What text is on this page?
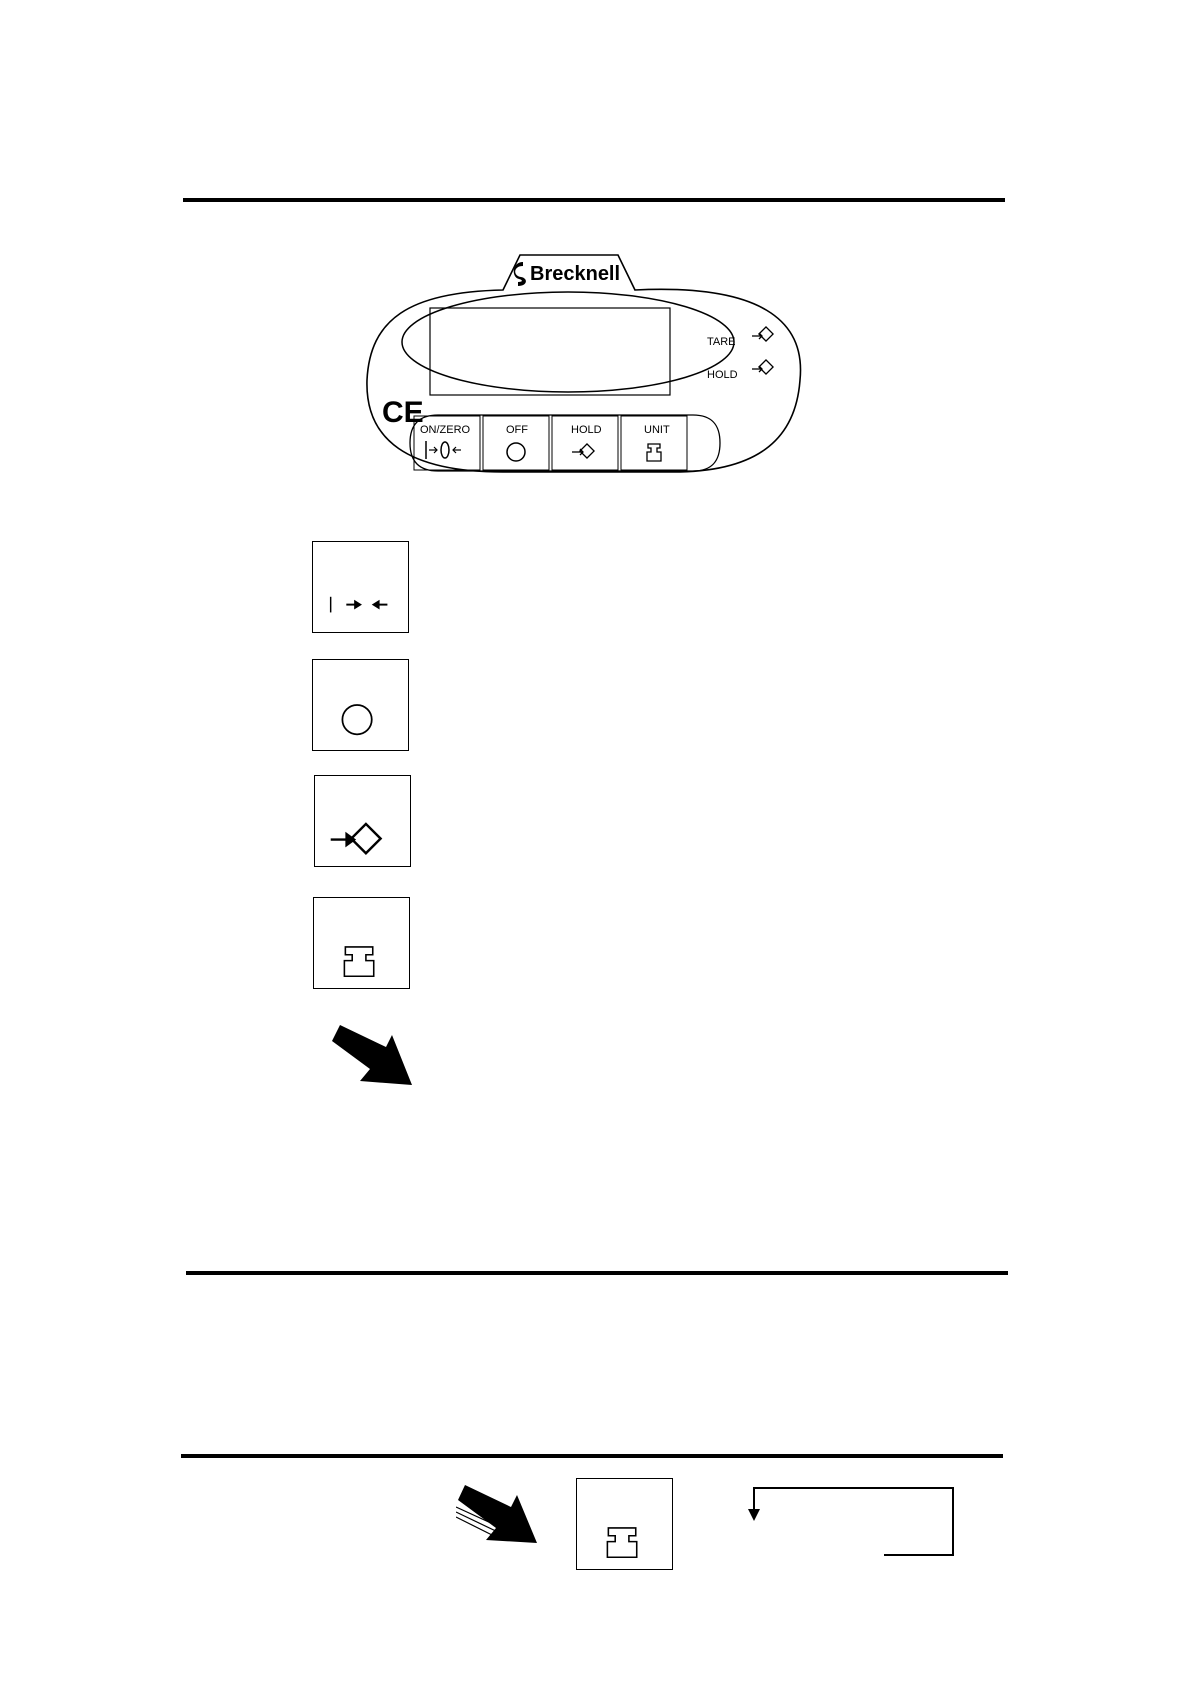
Brecknell
TARE
HOLD
CE
ON/ZERO	OFF	HOLD	UNIT
